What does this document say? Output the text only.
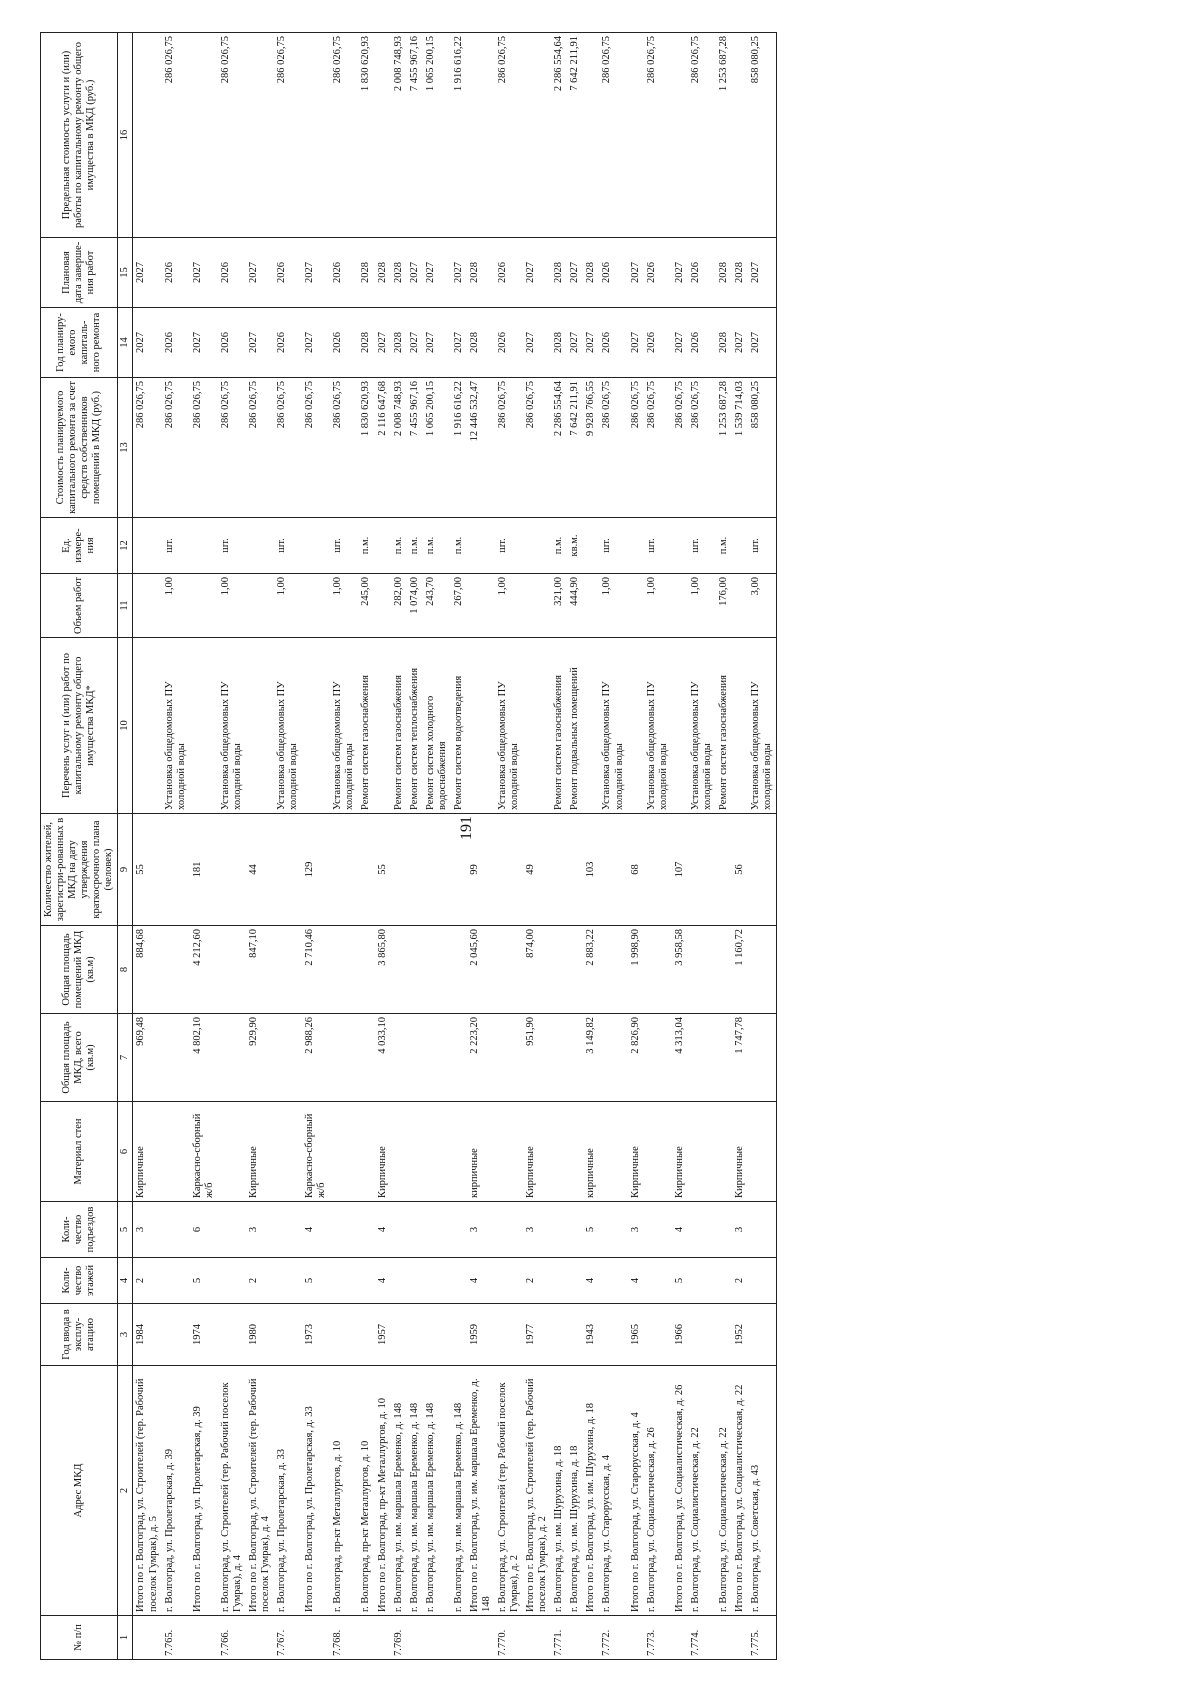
191
№ п/п	Адрес МКД	Год ввода в эксплу-атацию	Коли-чество этажей	Коли-чество подъездов	Материал стен	Общая площадь МКД, всего (кв.м)	Общая площадь помещений МКД (кв.м)	Количество жителей, зарегистри-рованных в МКД на дату утверждения краткосрочного плана (человек)	Перечень услуг и (или) работ по капитальному ремонту общего имущества МКД*	Объем работ	Ед. измере-ния	Стоимость планируемого капитального ремонта за счет средств собственников помещений в МКД (руб.)	Год планиру-емого капиталь-ного ремонта	Плановая дата заверше-ния работ	Предельная стоимость услуги и (или) работы по капитальному ремонту общего имущества в МКД (руб.)
1	2	3	4	5	6	7	8	9	10	11	12	13	14	15	16
	Итого по г. Волгоград, ул. Строителей (тер. Рабочий поселок Гумрак), д. 5	1984	2	3	Кирпичные	969,48	884,68	55				286 026,75	2027	2027	
7.765.	г. Волгоград, ул. Пролетарская, д. 39								Установка общедомовых ПУ холодной воды	1,00	шт.	286 026,75	2026	2026	286 026,75
	Итого по г. Волгоград, ул. Пролетарская, д. 39	1974	5	6	Каркасно-сборный ж/б	4 802,10	4 212,60	181				286 026,75	2027	2027	
7.766.	г. Волгоград, ул. Строителей (тер. Рабочий поселок Гумрак), д. 4								Установка общедомовых ПУ холодной воды	1,00	шт.	286 026,75	2026	2026	286 026,75
	Итого по г. Волгоград, ул. Строителей (тер. Рабочий поселок Гумрак), д. 4	1980	2	3	Кирпичные	929,90	847,10	44				286 026,75	2027	2027	
7.767.	г. Волгоград, ул. Пролетарская, д. 33								Установка общедомовых ПУ холодной воды	1,00	шт.	286 026,75	2026	2026	286 026,75
	Итого по г. Волгоград, ул. Пролетарская, д. 33	1973	5	4	Каркасно-сборный ж/б	2 988,26	2 710,46	129				286 026,75	2027	2027	
7.768.	г. Волгоград, пр-кт Металлургов, д. 10								Установка общедомовых ПУ холодной воды	1,00	шт.	286 026,75	2026	2026	286 026,75
	г. Волгоград, пр-кт Металлургов, д. 10								Ремонт систем газоснабжения	245,00	п.м.	1 830 620,93	2028	2028	1 830 620,93
	Итого по г. Волгоград, пр-кт Металлургов, д. 10	1957	4	4	Кирпичные	4 033,10	3 865,80	55				2 116 647,68	2027	2028	
7.769.	г. Волгоград, ул. им. маршала Еременко, д. 148								Ремонт систем газоснабжения	282,00	п.м.	2 008 748,93	2028	2028	2 008 748,93
	г. Волгоград, ул. им. маршала Еременко, д. 148								Ремонт систем теплоснабжения	1 074,00	п.м.	7 455 967,16	2027	2027	7 455 967,16
	г. Волгоград, ул. им. маршала Еременко, д. 148								Ремонт систем холодного водоснабжения	243,70	п.м.	1 065 200,15	2027	2027	1 065 200,15
	г. Волгоград, ул. им. маршала Еременко, д. 148								Ремонт систем водоотведения	267,00	п.м.	1 916 616,22	2027	2027	1 916 616,22
	Итого по г. Волгоград, ул. им. маршала Еременко, д. 148	1959	4	3	кирпичные	2 223,20	2 045,60	99				12 446 532,47	2028	2028	
7.770.	г. Волгоград, ул. Строителей (тер. Рабочий поселок Гумрак), д. 2								Установка общедомовых ПУ холодной воды	1,00	шт.	286 026,75	2026	2026	286 026,75
	Итого по г. Волгоград, ул. Строителей (тер. Рабочий поселок Гумрак), д. 2	1977	2	3	Кирпичные	951,90	874,00	49				286 026,75	2027	2027	
7.771.	г. Волгоград, ул. им. Шурухина, д. 18								Ремонт систем газоснабжения	321,00	п.м.	2 286 554,64	2028	2028	2 286 554,64
	г. Волгоград, ул. им. Шурухина, д. 18								Ремонт подвальных помещений	444,90	кв.м.	7 642 211,91	2027	2027	7 642 211,91
	Итого по г. Волгоград, ул. им. Шурухина, д. 18	1943	4	5	кирпичные	3 149,82	2 883,22	103				9 928 766,55	2027	2028	
7.772.	г. Волгоград, ул. Старорусская, д. 4								Установка общедомовых ПУ холодной воды	1,00	шт.	286 026,75	2026	2026	286 026,75
	Итого по г. Волгоград, ул. Старорусская, д. 4	1965	4	3	Кирпичные	2 826,90	1 998,90	68				286 026,75	2027	2027	
7.773.	г. Волгоград, ул. Социалистическая, д. 26								Установка общедомовых ПУ холодной воды	1,00	шт.	286 026,75	2026	2026	286 026,75
	Итого по г. Волгоград, ул. Социалистическая, д. 26	1966	5	4	Кирпичные	4 313,04	3 958,58	107				286 026,75	2027	2027	
7.774.	г. Волгоград, ул. Социалистическая, д. 22								Установка общедомовых ПУ холодной воды	1,00	шт.	286 026,75	2026	2026	286 026,75
	г. Волгоград, ул. Социалистическая, д. 22								Ремонт систем газоснабжения	176,00	п.м.	1 253 687,28	2028	2028	1 253 687,28
	Итого по г. Волгоград, ул. Социалистическая, д. 22	1952	2	3	Кирпичные	1 747,78	1 160,72	56				1 539 714,03	2027	2028	
7.775.	г. Волгоград, ул. Советская, д. 43								Установка общедомовых ПУ холодной воды	3,00	шт.	858 080,25	2027	2027	858 080,25
